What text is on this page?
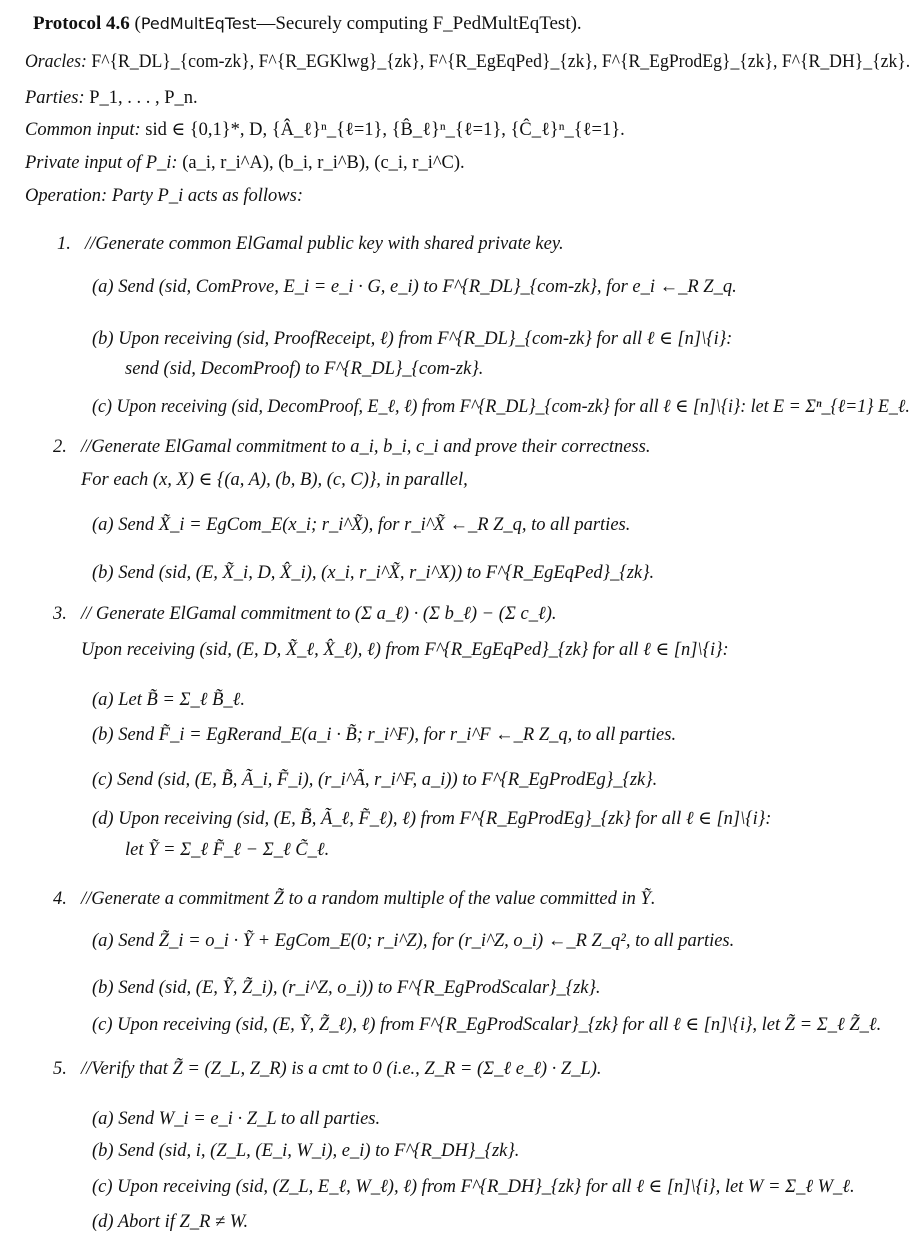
Protocol 4.6 (PedMultEqTest—Securely computing F_PedMultEqTest).
Oracles: F^{R_DL}_{com-zk}, F^{R_EGKlwg}_{zk}, F^{R_EgEqPed}_{zk}, F^{R_EgProdEg}_{zk}, F^{R_DH}_{zk}.
Parties: P_1, . . . , P_n.
Common input: sid ∈ {0,1}*, D, {Â_ℓ}ⁿ_{ℓ=1}, {B̂_ℓ}ⁿ_{ℓ=1}, {Ĉ_ℓ}ⁿ_{ℓ=1}.
Private input of P_i: (a_i, r_i^A), (b_i, r_i^B), (c_i, r_i^C).
Operation: Party P_i acts as follows:
1. //Generate common ElGamal public key with shared private key.
(a) Send (sid, ComProve, E_i = e_i · G, e_i) to F^{R_DL}_{com-zk}, for e_i ←_R Z_q.
(b) Upon receiving (sid, ProofReceipt, ℓ) from F^{R_DL}_{com-zk} for all ℓ ∈ [n]\{i}:
send (sid, DecomProof) to F^{R_DL}_{com-zk}.
(c) Upon receiving (sid, DecomProof, E_ℓ, ℓ) from F^{R_DL}_{com-zk} for all ℓ ∈ [n]\{i}: let E = Σⁿ_{ℓ=1} E_ℓ.
2. //Generate ElGamal commitment to a_i, b_i, c_i and prove their correctness.
For each (x, X) ∈ {(a, A), (b, B), (c, C)}, in parallel,
(a) Send X̃_i = EgCom_E(x_i; r_i^X̃), for r_i^X̃ ←_R Z_q, to all parties.
(b) Send (sid, (E, X̃_i, D, X̂_i), (x_i, r_i^X̃, r_i^X)) to F^{R_EgEqPed}_{zk}.
3. // Generate ElGamal commitment to (Σ a_ℓ) · (Σ b_ℓ) − (Σ c_ℓ).
Upon receiving (sid, (E, D, X̃_ℓ, X̂_ℓ), ℓ) from F^{R_EgEqPed}_{zk} for all ℓ ∈ [n]\{i}:
(a) Let B̃ = Σ_ℓ B̃_ℓ.
(b) Send F̃_i = EgRerand_E(a_i · B̃; r_i^F), for r_i^F ←_R Z_q, to all parties.
(c) Send (sid, (E, B̃, Ã_i, F̃_i), (r_i^Ã, r_i^F, a_i)) to F^{R_EgProdEg}_{zk}.
(d) Upon receiving (sid, (E, B̃, Ã_ℓ, F̃_ℓ), ℓ) from F^{R_EgProdEg}_{zk} for all ℓ ∈ [n]\{i}:
let Ỹ = Σ_ℓ F̃_ℓ − Σ_ℓ C̃_ℓ.
4. //Generate a commitment Z̃ to a random multiple of the value committed in Ỹ.
(a) Send Z̃_i = o_i · Ỹ + EgCom_E(0; r_i^Z), for (r_i^Z, o_i) ←_R Z_q², to all parties.
(b) Send (sid, (E, Ỹ, Z̃_i), (r_i^Z, o_i)) to F^{R_EgProdScalar}_{zk}.
(c) Upon receiving (sid, (E, Ỹ, Z̃_ℓ), ℓ) from F^{R_EgProdScalar}_{zk} for all ℓ ∈ [n]\{i}, let Z̃ = Σ_ℓ Z̃_ℓ.
5. //Verify that Z̃ = (Z_L, Z_R) is a cmt to 0 (i.e., Z_R = (Σ_ℓ e_ℓ) · Z_L).
(a) Send W_i = e_i · Z_L to all parties.
(b) Send (sid, i, (Z_L, (E_i, W_i), e_i) to F^{R_DH}_{zk}.
(c) Upon receiving (sid, (Z_L, E_ℓ, W_ℓ), ℓ) from F^{R_DH}_{zk} for all ℓ ∈ [n]\{i}, let W = Σ_ℓ W_ℓ.
(d) Abort if Z_R ≠ W.
